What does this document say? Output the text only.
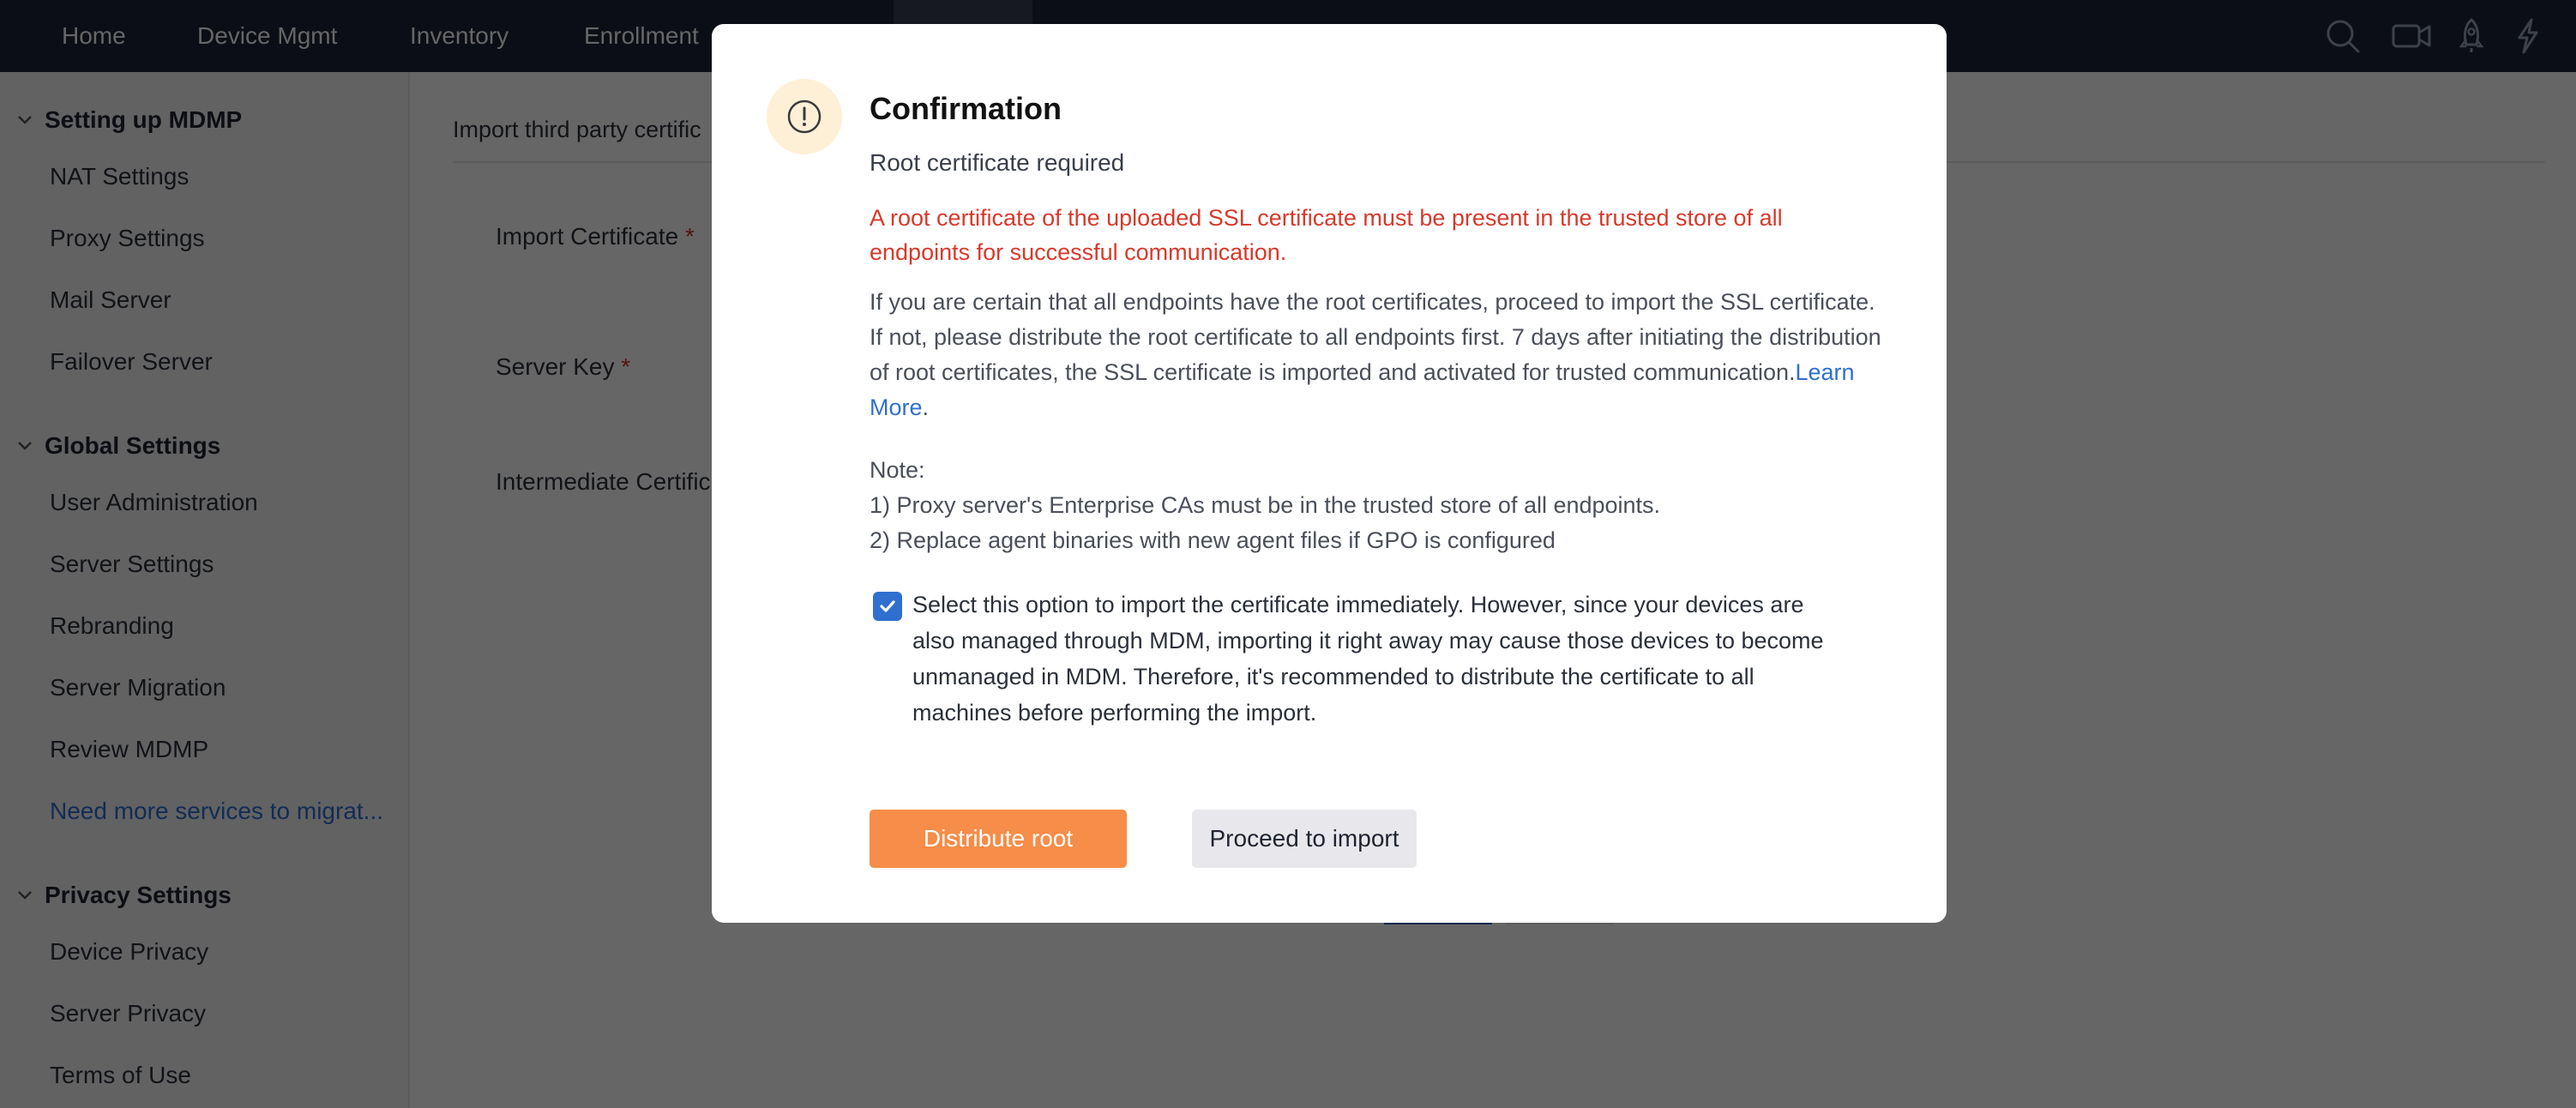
Confirmation
Root certificate required
A root certificate of the uploaded SSL certificate must be present in the trusted store of all endpoints for successful communication.
If you are certain that all endpoints have the root certificates, proceed to import the SSL certificate. If not, please distribute the root certificate to all endpoints first. 7 days after initiating the distribution of root certificates, the SSL certificate is imported and activated for trusted communication.Learn More.
Note:
1) Proxy server's Enterprise CAs must be in the trusted store of all endpoints.
2) Replace agent binaries with new agent files if GPO is configured
Select this option to import the certificate immediately. However, since your devices are also managed through MDM, importing it right away may cause those devices to become unmanaged in MDM. Therefore, it's recommended to distribute the certificate to all machines before performing the import.
Distribute root certificate
Proceed to import
